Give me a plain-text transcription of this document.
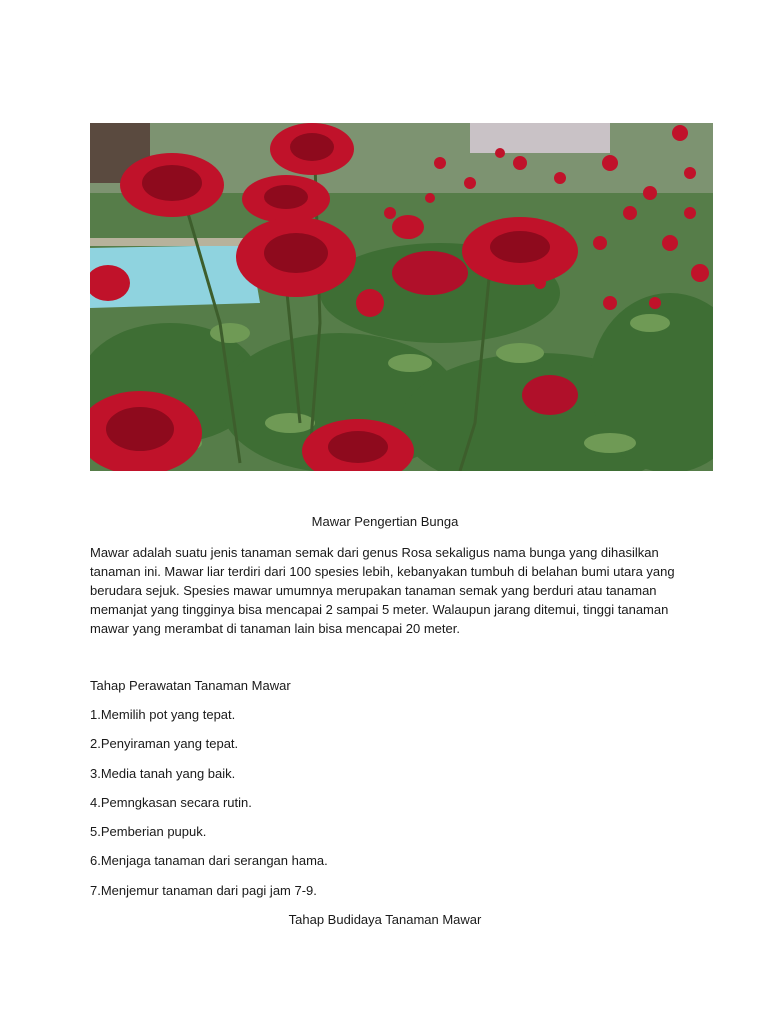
Mawar Pengertian Bunga

Mawar adalah suatu jenis tanaman semak dari genus Rosa sekaligus nama bunga yang dihasilkan tanaman ini. Mawar liar terdiri dari 100 spesies lebih, kebanyakan tumbuh di belahan bumi utara yang berudara sejuk. Spesies mawar umumnya merupakan tanaman semak yang berduri atau tanaman memanjat yang tingginya bisa mencapai 2 sampai 5 meter. Walaupun jarang ditemui, tinggi tanaman mawar yang merambat di tanaman lain bisa mencapai 20 meter.

Tahap Perawatan Tanaman Mawar
1.Memilih pot yang tepat.
2.Penyiraman yang tepat.
3.Media tanah yang baik.
4.Pemngkasan secara rutin.
5.Pemberian pupuk.
6.Menjaga tanaman dari serangan hama.
7.Menjemur tanaman dari pagi jam 7-9.
Tahap Budidaya Tanaman Mawar
